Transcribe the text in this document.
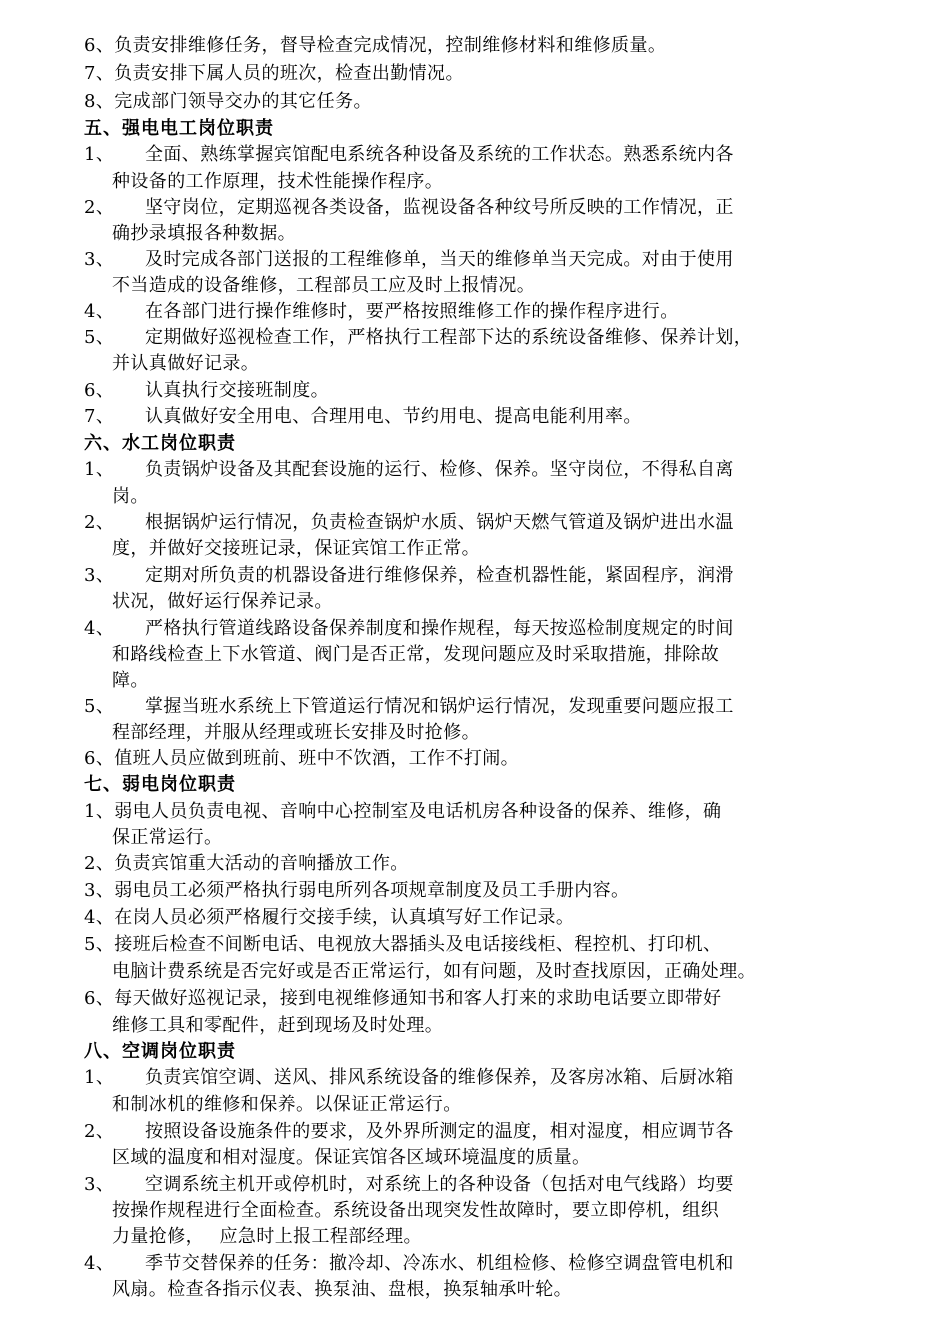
6、负责安排维修任务，督导检查完成情况，控制维修材料和维修质量。
7、负责安排下属人员的班次，检查出勤情况。
8、完成部门领导交办的其它任务。
五、强电电工岗位职责
1、 全面、熟练掌握宾馆配电系统各种设备及系统的工作状态。熟悉系统内各
种设备的工作原理，技术性能操作程序。
2、 坚守岗位，定期巡视各类设备，监视设备各种纹号所反映的工作情况，正
确抄录填报各种数据。
3、 及时完成各部门送报的工程维修单，当天的维修单当天完成。对由于使用
不当造成的设备维修，工程部员工应及时上报情况。
4、 在各部门进行操作维修时，要严格按照维修工作的操作程序进行。
5、 定期做好巡视检查工作，严格执行工程部下达的系统设备维修、保养计划，
并认真做好记录。
6、 认真执行交接班制度。
7、 认真做好安全用电、合理用电、节约用电、提高电能利用率。
六、水工岗位职责
1、 负责锅炉设备及其配套设施的运行、检修、保养。坚守岗位，不得私自离
岗。
2、 根据锅炉运行情况，负责检查锅炉水质、锅炉天燃气管道及锅炉进出水温
度，并做好交接班记录，保证宾馆工作正常。
3、 定期对所负责的机器设备进行维修保养，检查机器性能，紧固程序，润滑
状况，做好运行保养记录。
4、 严格执行管道线路设备保养制度和操作规程，每天按巡检制度规定的时间
和路线检查上下水管道、阀门是否正常，发现问题应及时采取措施，排除故
障。
5、 掌握当班水系统上下管道运行情况和锅炉运行情况，发现重要问题应报工
程部经理，并服从经理或班长安排及时抢修。
6、值班人员应做到班前、班中不饮酒，工作不打闹。
七、弱电岗位职责
1、弱电人员负责电视、音响中心控制室及电话机房各种设备的保养、维修，确
保正常运行。
2、负责宾馆重大活动的音响播放工作。
3、弱电员工必须严格执行弱电所列各项规章制度及员工手册内容。
4、在岗人员必须严格履行交接手续，认真填写好工作记录。
5、接班后检查不间断电话、电视放大器插头及电话接线柜、程控机、打印机、
电脑计费系统是否完好或是否正常运行，如有问题，及时查找原因，正确处理。
6、每天做好巡视记录，接到电视维修通知书和客人打来的求助电话要立即带好
维修工具和零配件，赶到现场及时处理。
八、空调岗位职责
1、 负责宾馆空调、送风、排风系统设备的维修保养，及客房冰箱、后厨冰箱
和制冰机的维修和保养。以保证正常运行。
2、 按照设备设施条件的要求，及外界所测定的温度，相对湿度，相应调节各
区域的温度和相对湿度。保证宾馆各区域环境温度的质量。
3、 空调系统主机开或停机时，对系统上的各种设备（包括对电气线路）均要
按操作规程进行全面检查。系统设备出现突发性故障时，要立即停机，组织
力量抢修，　 应急时上报工程部经理。
4、 季节交替保养的任务：撤冷却、冷冻水、机组检修、检修空调盘管电机和
风扇。检查各指示仪表、换泵油、盘根，换泵轴承叶轮。
